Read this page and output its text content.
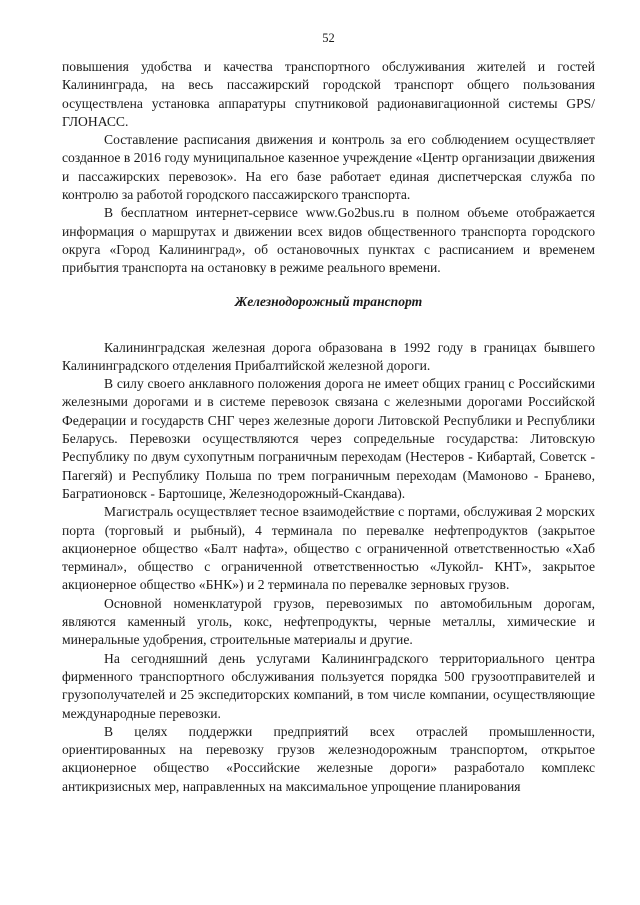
52

повышения удобства и качества транспортного обслуживания жителей и гостей Калининграда, на весь пассажирский городской транспорт общего пользования осуществлена установка аппаратуры спутниковой радионавигационной системы GPS/ГЛОНАСС.

Составление расписания движения и контроль за его соблюдением осуществляет созданное в 2016 году муниципальное казенное учреждение «Центр организации движения и пассажирских перевозок». На его базе работает единая диспетчерская служба по контролю за работой городского пассажирского транспорта.

В бесплатном интернет-сервисе www.Go2bus.ru в полном объеме отображается информация о маршрутах и движении всех видов общественного транспорта городского округа «Город Калининград», об остановочных пунктах с расписанием и временем прибытия транспорта на остановку в режиме реального времени.

Железнодорожный транспорт

Калининградская железная дорога образована в 1992 году в границах бывшего Калининградского отделения Прибалтийской железной дороги.

В силу своего анклавного положения дорога не имеет общих границ с Российскими железными дорогами и в системе перевозок связана с железными дорогами Российской Федерации и государств СНГ через железные дороги Литовской Республики и Республики Беларусь. Перевозки осуществляются через сопредельные государства: Литовскую Республику по двум сухопутным пограничным переходам (Нестеров - Кибартай, Советск - Пагегяй) и Республику Польша по трем пограничным переходам (Мамоново - Бранево, Багратионовск - Бартошице, Железнодорожный-Скандава).

Магистраль осуществляет тесное взаимодействие с портами, обслуживая 2 морских порта (торговый и рыбный), 4 терминала по перевалке нефтепродуктов (закрытое акционерное общество «Балт нафта», общество с ограниченной ответственностью «Хаб терминал», общество с ограниченной ответственностью «Лукойл- КНТ», закрытое акционерное общество «БНК») и 2 терминала по перевалке зерновых грузов.

Основной номенклатурой грузов, перевозимых по автомобильным дорогам, являются каменный уголь, кокс, нефтепродукты, черные металлы, химические и минеральные удобрения, строительные материалы и другие.

На сегодняшний день услугами Калининградского территориального центра фирменного транспортного обслуживания пользуется порядка 500 грузоотправителей и грузополучателей и 25 экспедиторских компаний, в том числе компании, осуществляющие международные перевозки.

В целях поддержки предприятий всех отраслей промышленности, ориентированных на перевозку грузов железнодорожным транспортом, открытое акционерное общество «Российские железные дороги» разработало комплекс антикризисных мер, направленных на максимальное упрощение планирования
